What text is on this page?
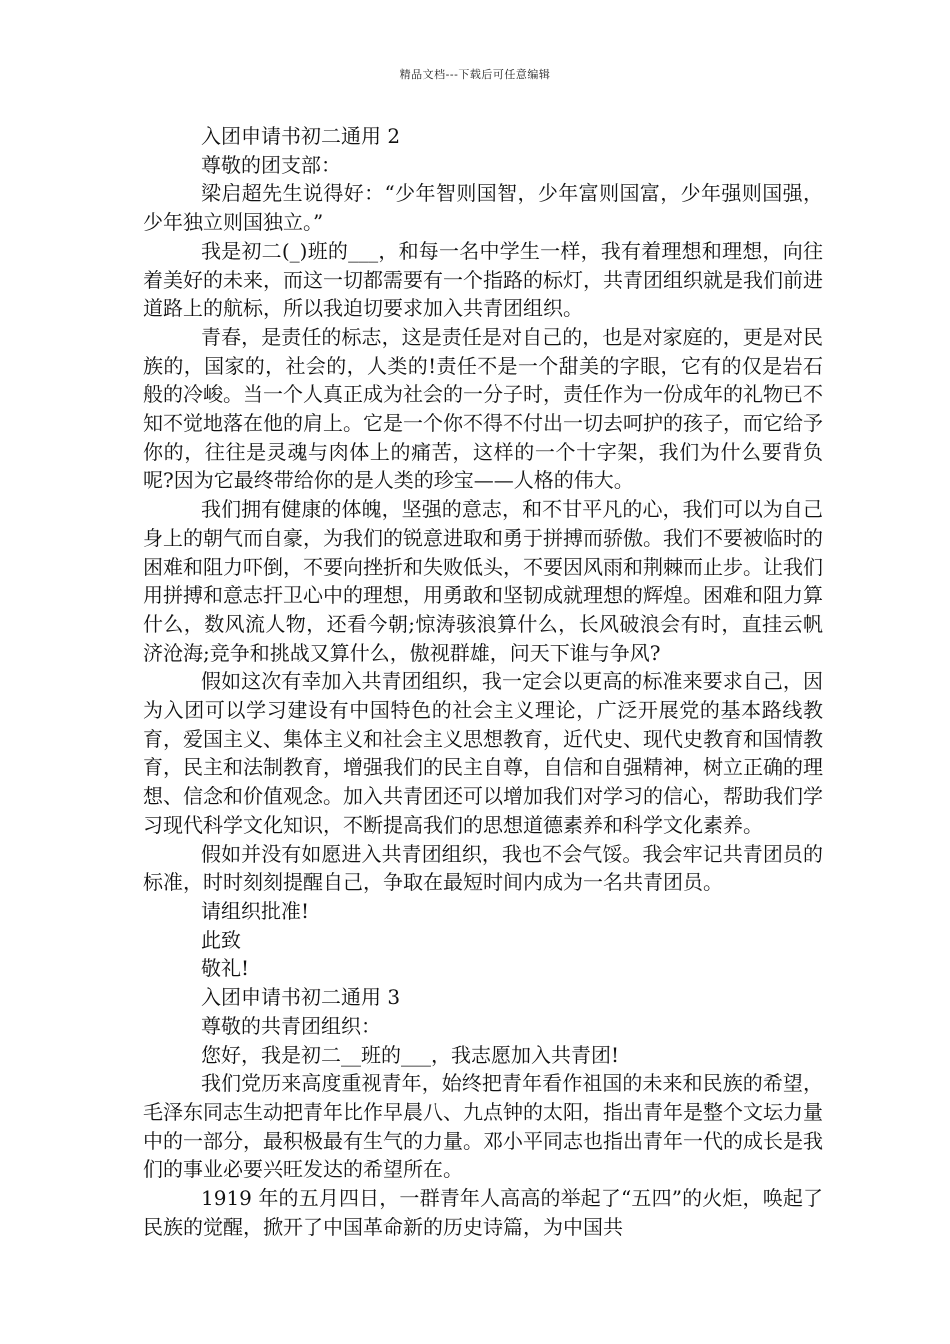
精品文档---下载后可任意编辑

入团申请书初二通用 2

尊敬的团支部：

梁启超先生说得好：“少年智则国智，少年富则国富，少年强则国强，少年独立则国独立。”

我是初二(_)班的___，和每一名中学生一样，我有着理想和理想，向往着美好的未来，而这一切都需要有一个指路的标灯，共青团组织就是我们前进道路上的航标，所以我迫切要求加入共青团组织。

青春，是责任的标志，这是责任是对自己的，也是对家庭的，更是对民族的，国家的，社会的，人类的!责任不是一个甜美的字眼，它有的仅是岩石般的冷峻。当一个人真正成为社会的一分子时，责任作为一份成年的礼物已不知不觉地落在他的肩上。它是一个你不得不付出一切去呵护的孩子，而它给予你的，往往是灵魂与肉体上的痛苦，这样的一个十字架，我们为什么要背负呢?因为它最终带给你的是人类的珍宝——人格的伟大。

我们拥有健康的体魄，坚强的意志，和不甘平凡的心，我们可以为自己身上的朝气而自豪，为我们的锐意进取和勇于拼搏而骄傲。我们不要被临时的困难和阻力吓倒，不要向挫折和失败低头，不要因风雨和荆棘而止步。让我们用拼搏和意志扞卫心中的理想，用勇敢和坚韧成就理想的辉煌。困难和阻力算什么，数风流人物，还看今朝;惊涛骇浪算什么，长风破浪会有时，直挂云帆济沧海;竞争和挑战又算什么，傲视群雄，问天下谁与争风?

假如这次有幸加入共青团组织，我一定会以更高的标准来要求自己，因为入团可以学习建设有中国特色的社会主义理论，广泛开展党的基本路线教育，爱国主义、集体主义和社会主义思想教育，近代史、现代史教育和国情教育，民主和法制教育，增强我们的民主自尊，自信和自强精神，树立正确的理想、信念和价值观念。加入共青团还可以增加我们对学习的信心，帮助我们学习现代科学文化知识，不断提高我们的思想道德素养和科学文化素养。

假如并没有如愿进入共青团组织，我也不会气馁。我会牢记共青团员的标准，时时刻刻提醒自己，争取在最短时间内成为一名共青团员。

请组织批准!

此致

敬礼!

入团申请书初二通用 3

尊敬的共青团组织：

您好，我是初二__班的___，我志愿加入共青团!

我们党历来高度重视青年，始终把青年看作祖国的未来和民族的希望，毛泽东同志生动把青年比作早晨八、九点钟的太阳，指出青年是整个文坛力量中的一部分，最积极最有生气的力量。邓小平同志也指出青年一代的成长是我们的事业必要兴旺发达的希望所在。

1919 年的五月四日，一群青年人高高的举起了“五四”的火炬，唤起了民族的觉醒，掀开了中国革命新的历史诗篇，为中国共
